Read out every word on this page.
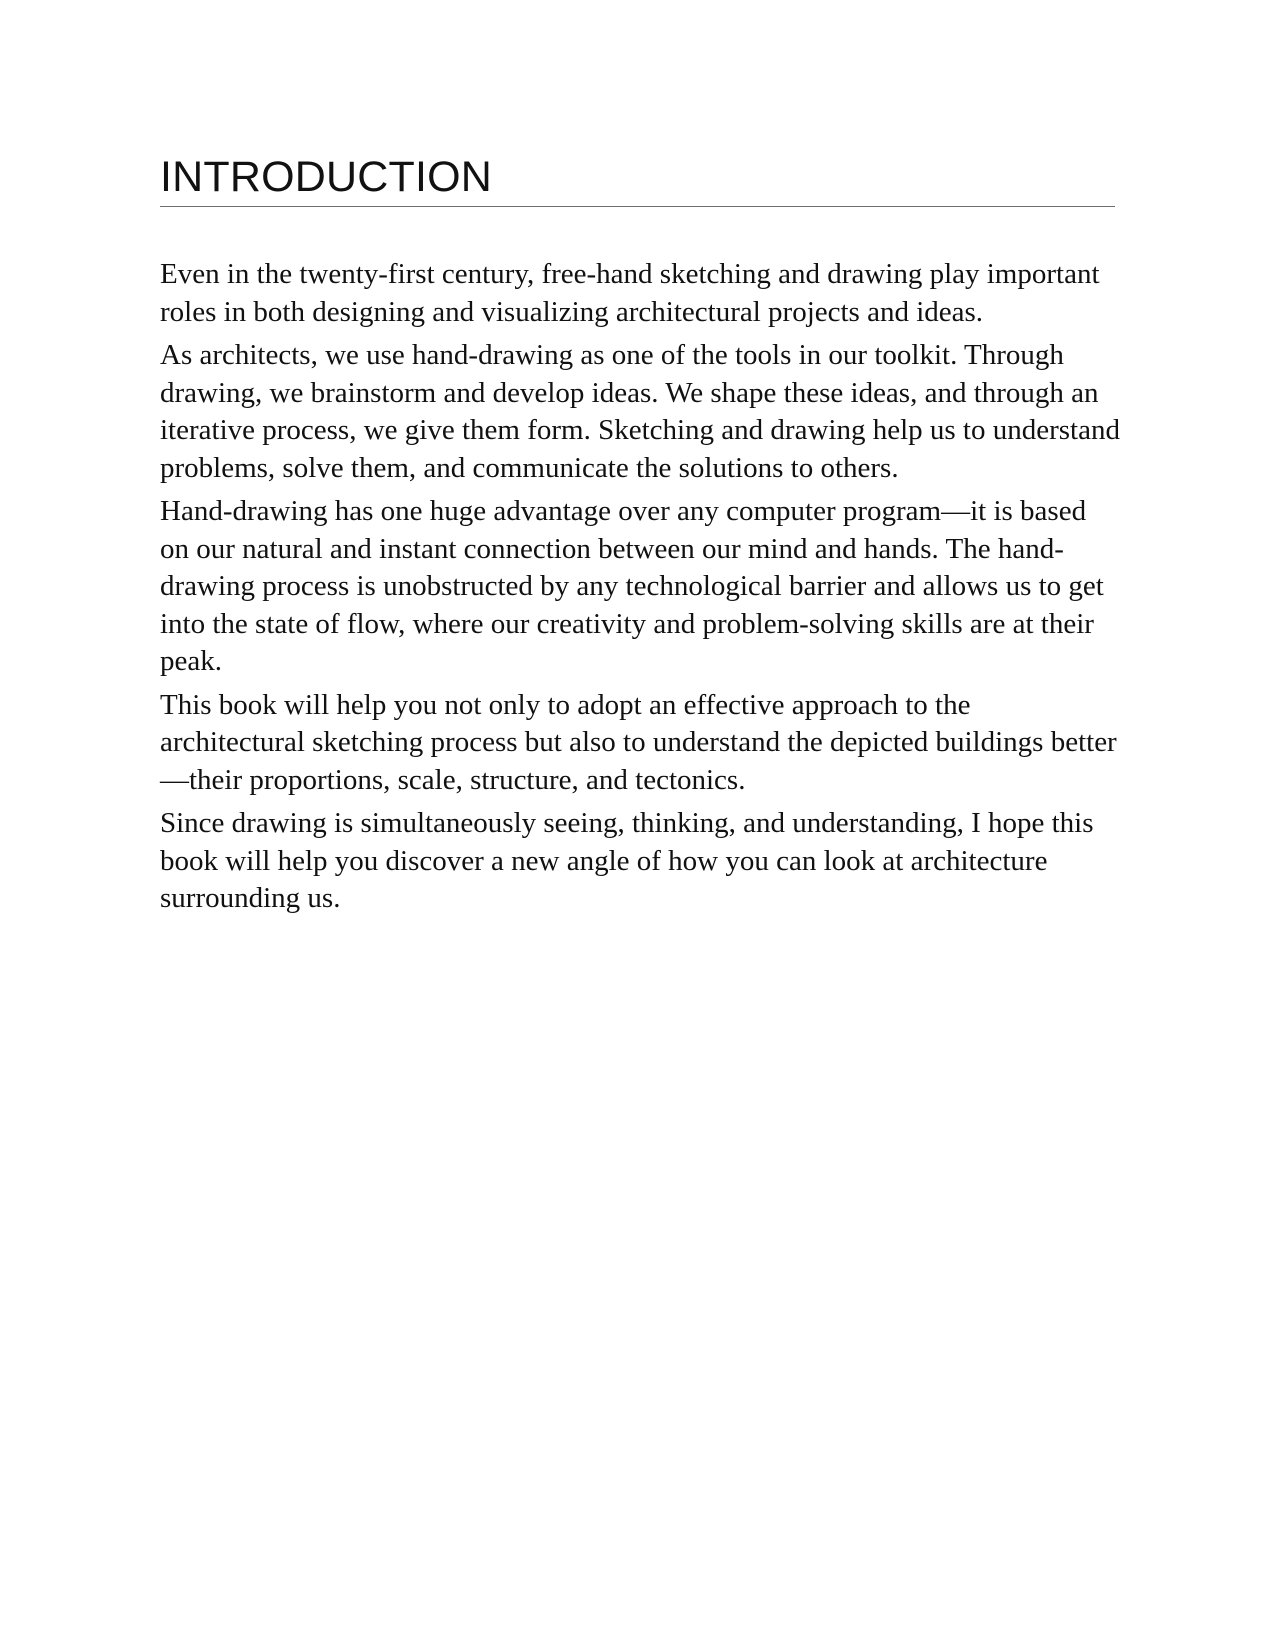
INTRODUCTION

Even in the twenty-first century, free-hand sketching and drawing play important roles in both designing and visualizing architectural projects and ideas.

As architects, we use hand-drawing as one of the tools in our toolkit. Through drawing, we brainstorm and develop ideas. We shape these ideas, and through an iterative process, we give them form. Sketching and drawing help us to understand problems, solve them, and communicate the solutions to others.

Hand-drawing has one huge advantage over any computer program—it is based on our natural and instant connection between our mind and hands. The hand-drawing process is unobstructed by any technological barrier and allows us to get into the state of flow, where our creativity and problem-solving skills are at their peak.

This book will help you not only to adopt an effective approach to the architectural sketching process but also to understand the depicted buildings better—their proportions, scale, structure, and tectonics.

Since drawing is simultaneously seeing, thinking, and understanding, I hope this book will help you discover a new angle of how you can look at architecture surrounding us.
